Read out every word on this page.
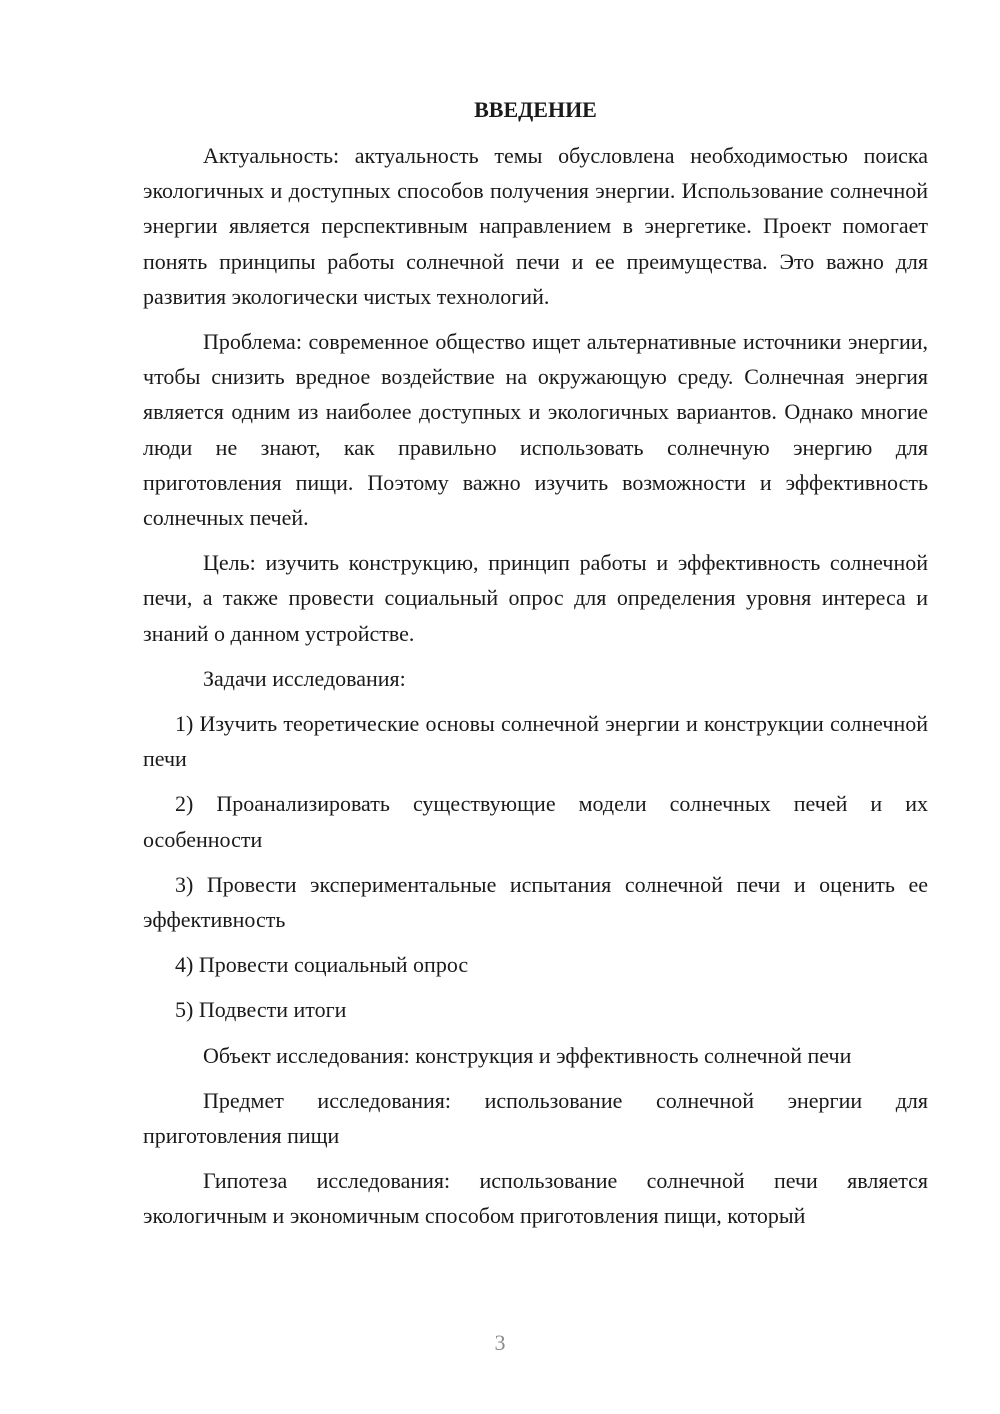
ВВЕДЕНИЕ

Актуальность: актуальность темы обусловлена необходимостью поиска экологичных и доступных способов получения энергии. Использование солнечной энергии является перспективным направлением в энергетике. Проект помогает понять принципы работы солнечной печи и ее преимущества. Это важно для развития экологически чистых технологий.

Проблема: современное общество ищет альтернативные источники энергии, чтобы снизить вредное воздействие на окружающую среду. Солнечная энергия является одним из наиболее доступных и экологичных вариантов. Однако многие люди не знают, как правильно использовать солнечную энергию для приготовления пищи. Поэтому важно изучить возможности и эффективность солнечных печей.

Цель: изучить конструкцию, принцип работы и эффективность солнечной печи, а также провести социальный опрос для определения уровня интереса и знаний о данном устройстве.

Задачи исследования:

1) Изучить теоретические основы солнечной энергии и конструкции солнечной печи

2) Проанализировать существующие модели солнечных печей и их особенности

3) Провести экспериментальные испытания солнечной печи и оценить ее эффективность

4) Провести социальный опрос

5) Подвести итоги

Объект исследования: конструкция и эффективность солнечной печи

Предмет исследования: использование солнечной энергии для приготовления пищи

Гипотеза исследования: использование солнечной печи является экологичным и экономичным способом приготовления пищи, который

3
